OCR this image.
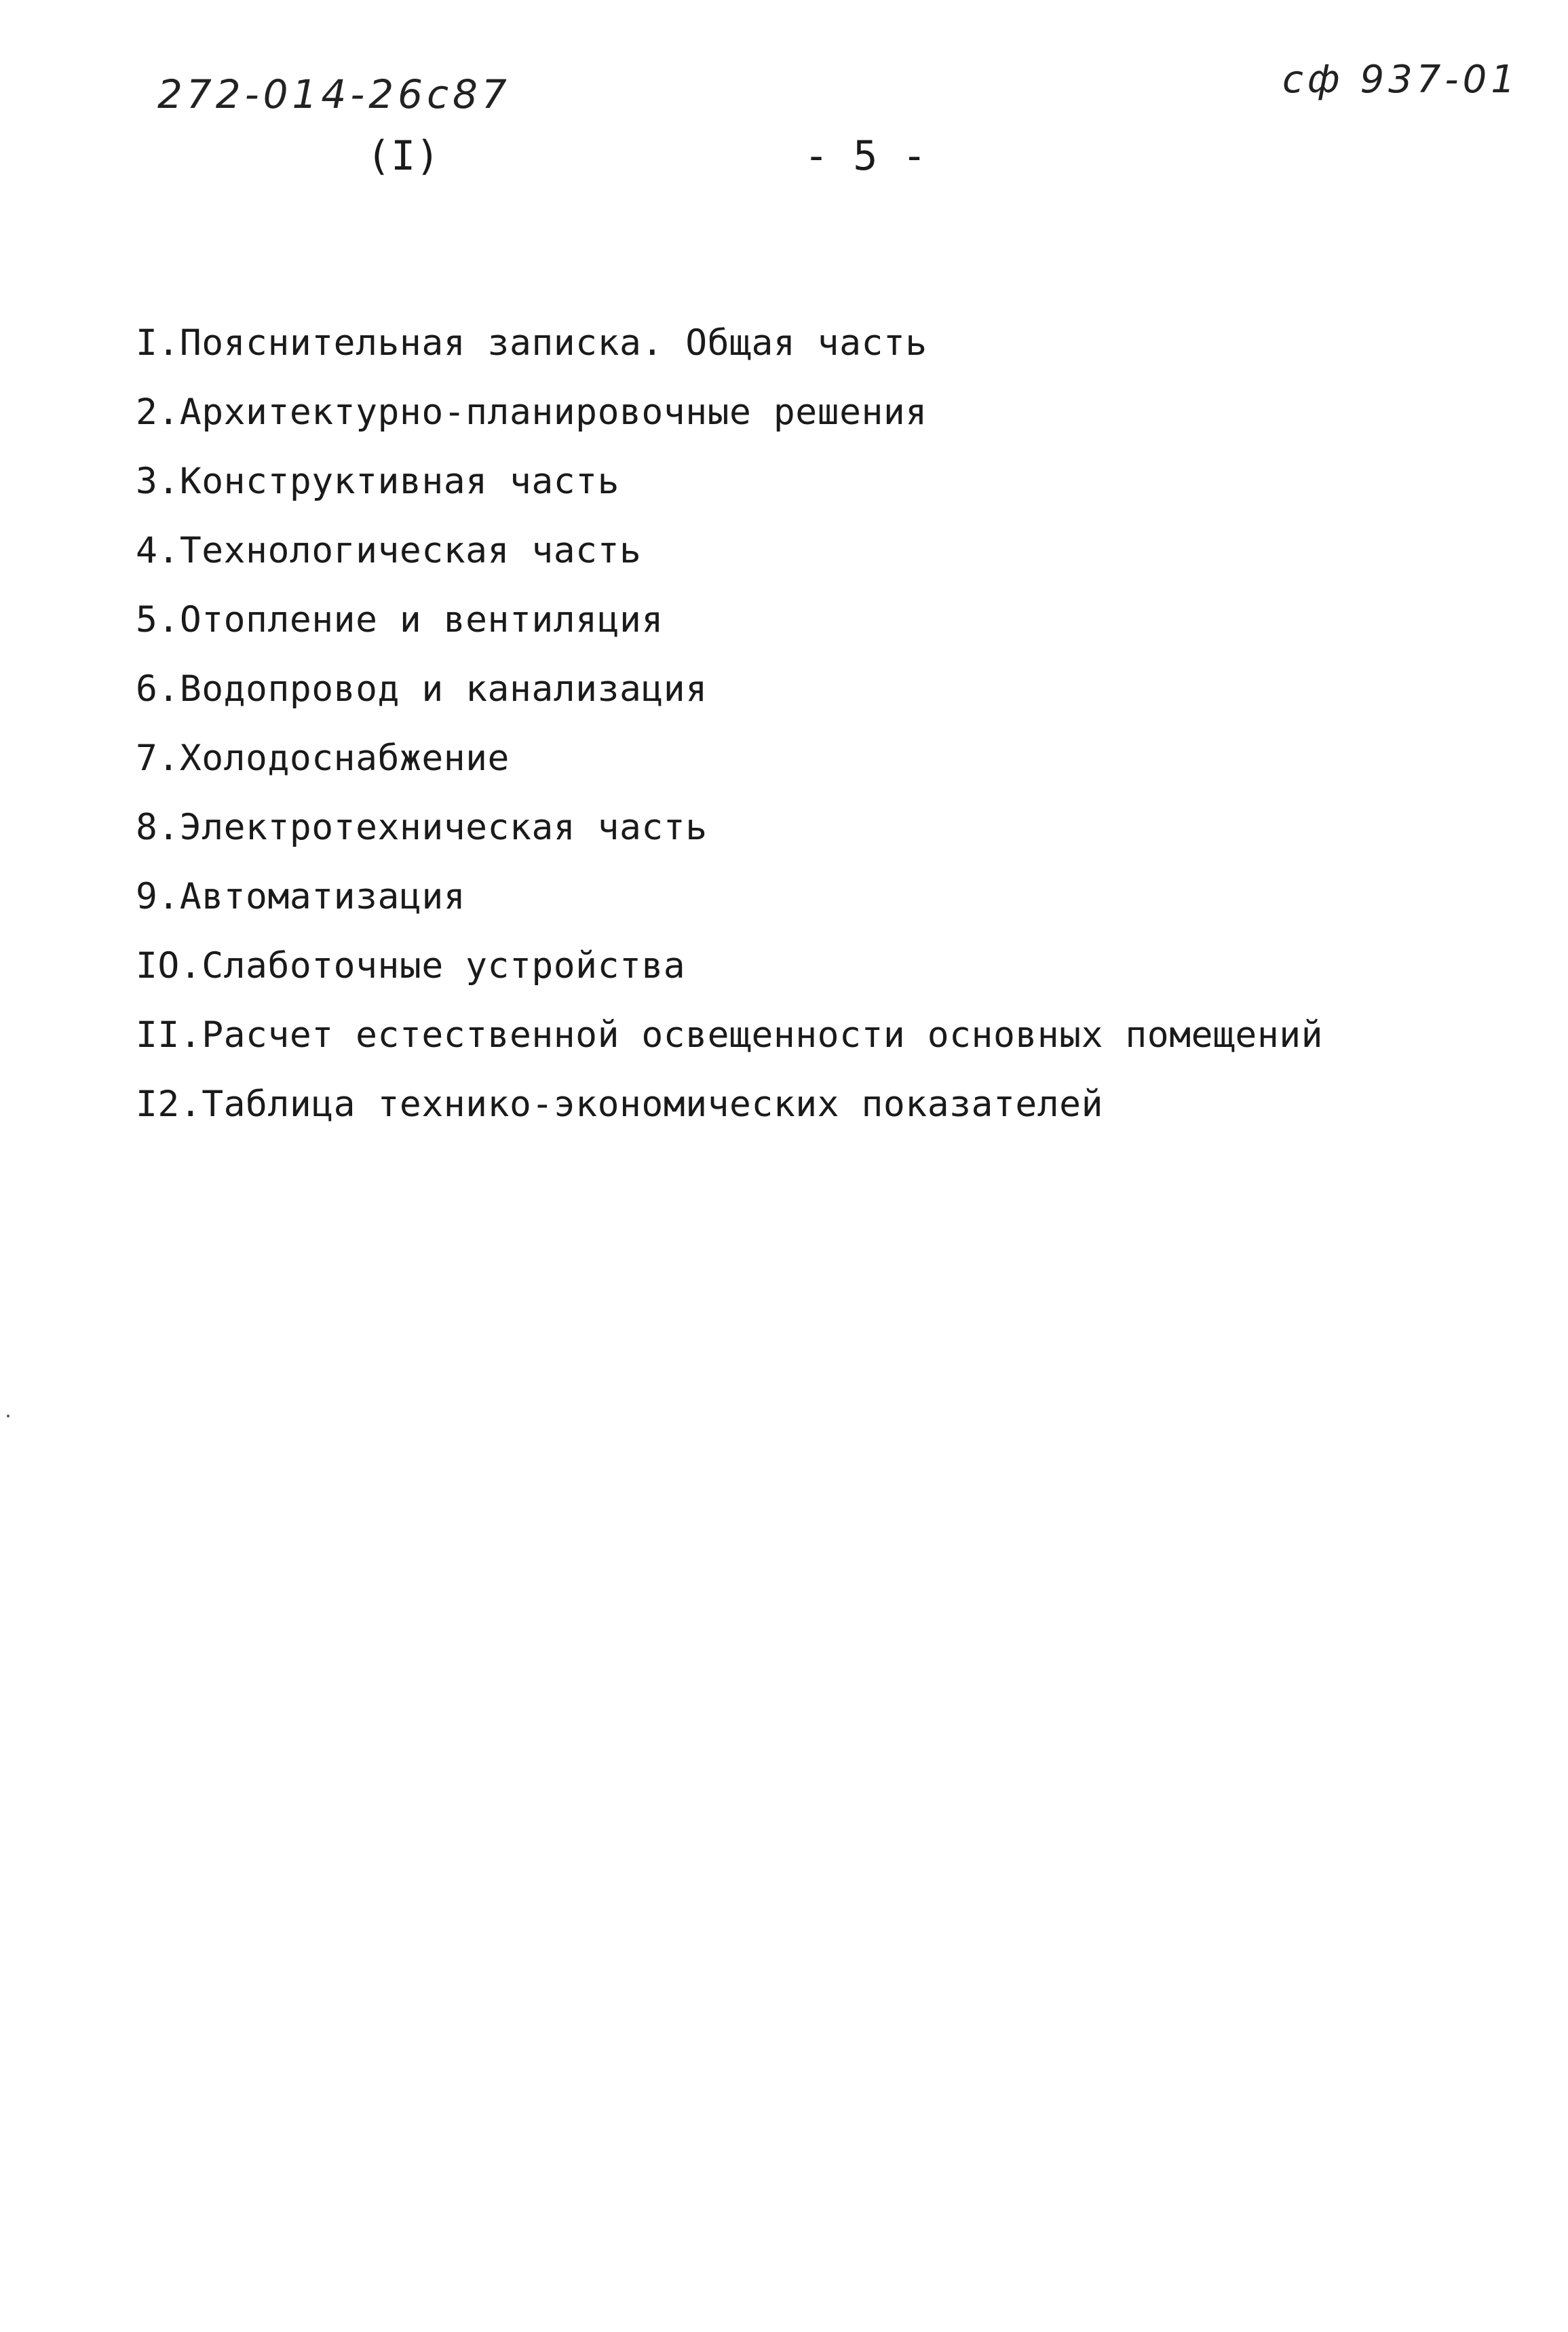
272-014-26с87	сф 937-01
(I)	- 5 -
I.Пояснительная записка. Общая часть
2.Архитектурно-планировочные решения
3.Конструктивная часть
4.Технологическая часть
5.Отопление и вентиляция
6.Водопровод и канализация
7.Холодоснабжение
8.Электротехническая часть
9.Автоматизация
IO.Слаботочные устройства
II.Расчет естественной освещенности основных помещений
I2.Таблица технико-экономических показателей
